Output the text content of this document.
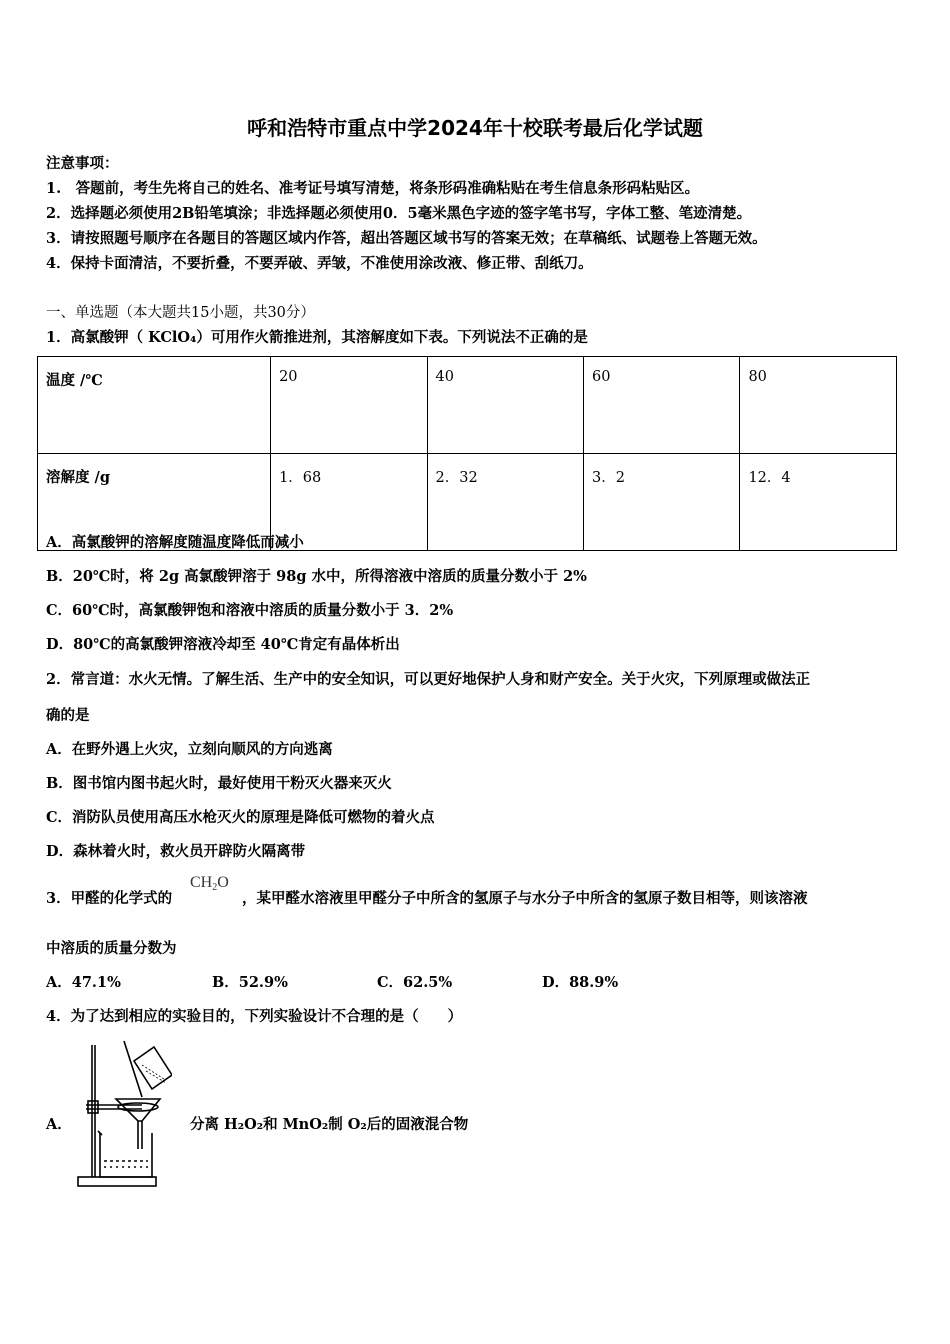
呼和浩特市重点中学2024年十校联考最后化学试题
注意事项：
1.　答题前，考生先将自己的姓名、准考证号填写清楚，将条形码准确粘贴在考生信息条形码粘贴区。
2．选择题必须使用2B铅笔填涂；非选择题必须使用0．5毫米黑色字迹的签字笔书写，字体工整、笔迹清楚。
3．请按照题号顺序在各题目的答题区域内作答，超出答题区域书写的答案无效；在草稿纸、试题卷上答题无效。
4．保持卡面清洁，不要折叠，不要弄破、弄皱，不准使用涂改液、修正带、刮纸刀。
一、单选题（本大题共15小题，共30分）
1．高氯酸钾（ KClO₄）可用作火箭推进剂，其溶解度如下表。下列说法不正确的是
温度 /℃	20	40	60	80
溶解度 /g	1．68	2．32	3．2	12．4
A．高氯酸钾的溶解度随温度降低而减小
B．20℃时，将 2g 高氯酸钾溶于 98g 水中，所得溶液中溶质的质量分数小于 2%
C．60℃时，高氯酸钾饱和溶液中溶质的质量分数小于 3．2%
D．80℃的高氯酸钾溶液冷却至 40℃肯定有晶体析出
2．常言道：水火无情。了解生活、生产中的安全知识，可以更好地保护人身和财产安全。关于火灾，下列原理或做法正
确的是
A．在野外遇上火灾，立刻向顺风的方向逃离
B．图书馆内图书起火时，最好使用干粉灭火器来灭火
C．消防队员使用高压水枪灭火的原理是降低可燃物的着火点
D．森林着火时，救火员开辟防火隔离带
3．甲醛的化学式的
$CH_2O$
，某甲醛水溶液里甲醛分子中所含的氢原子与水分子中所含的氢原子数目相等，则该溶液
中溶质的质量分数为
A．47.1%	B．52.9%	C．62.5%	D．88.9%
4．为了达到相应的实验目的，下列实验设计不合理的是（　　）
A．	分离 H₂O₂和 MnO₂制 O₂后的固液混合物
